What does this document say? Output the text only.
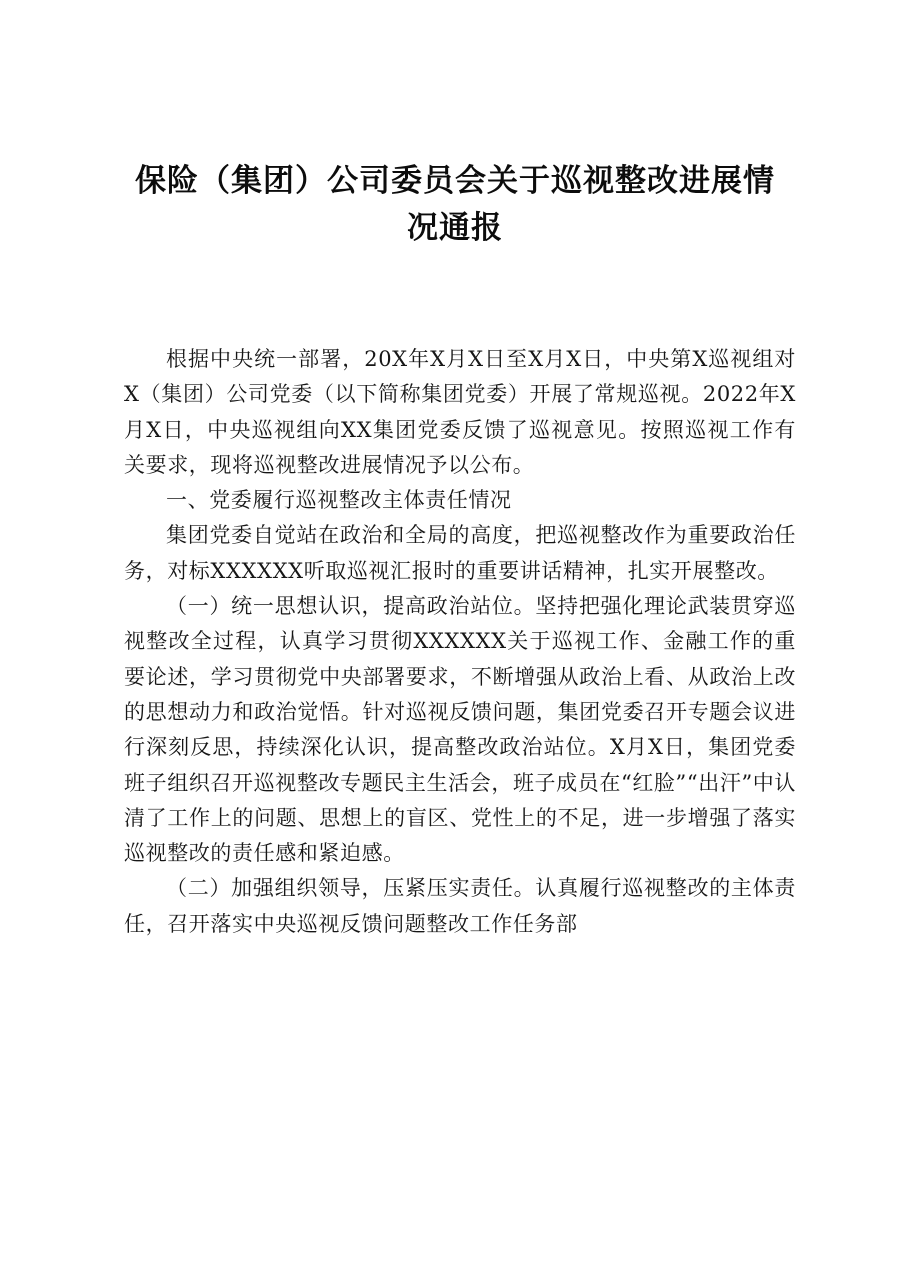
保险（集团）公司委员会关于巡视整改进展情
况通报

根据中央统一部署，20X年X月X日至X月X日，中央第X巡视组对X（集团）公司党委（以下简称集团党委）开展了常规巡视。2022年X月X日，中央巡视组向XX集团党委反馈了巡视意见。按照巡视工作有关要求，现将巡视整改进展情况予以公布。

一、党委履行巡视整改主体责任情况

集团党委自觉站在政治和全局的高度，把巡视整改作为重要政治任务，对标XXXXXX听取巡视汇报时的重要讲话精神，扎实开展整改。

（一）统一思想认识，提高政治站位。坚持把强化理论武装贯穿巡视整改全过程，认真学习贯彻XXXXXX关于巡视工作、金融工作的重要论述，学习贯彻党中央部署要求，不断增强从政治上看、从政治上改的思想动力和政治觉悟。针对巡视反馈问题，集团党委召开专题会议进行深刻反思，持续深化认识，提高整改政治站位。X月X日，集团党委班子组织召开巡视整改专题民主生活会，班子成员在“红脸”“出汗”中认清了工作上的问题、思想上的盲区、党性上的不足，进一步增强了落实巡视整改的责任感和紧迫感。

（二）加强组织领导，压紧压实责任。认真履行巡视整改的主体责任，召开落实中央巡视反馈问题整改工作任务部
